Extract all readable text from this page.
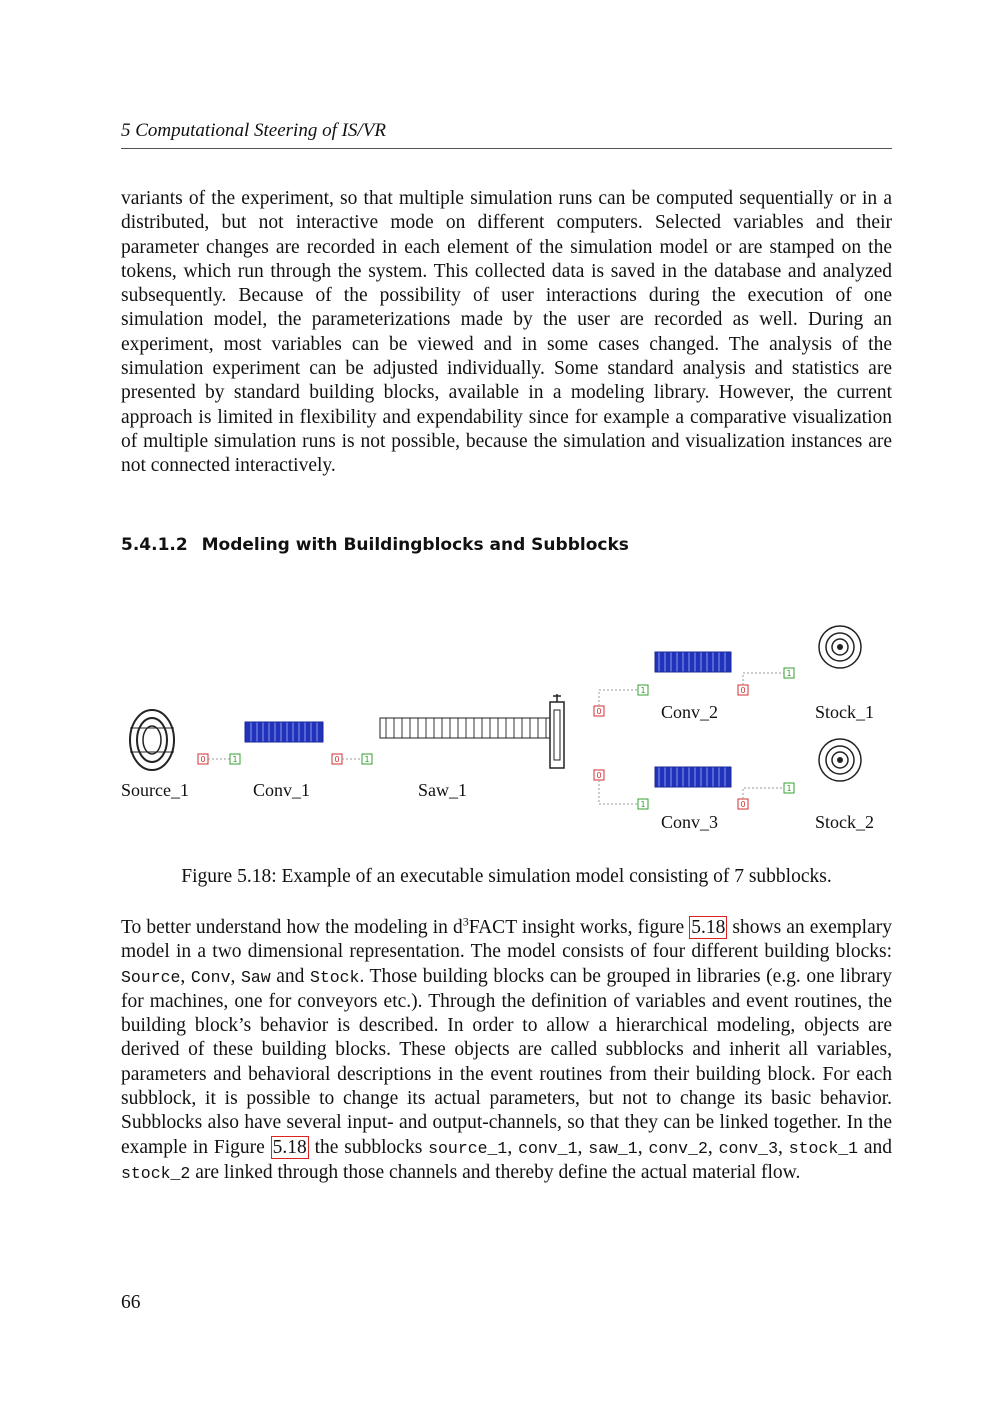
5 Computational Steering of IS/VR

variants of the experiment, so that multiple simulation runs can be computed sequentially or in a distributed, but not interactive mode on different computers. Selected variables and their parameter changes are recorded in each element of the simulation model or are stamped on the tokens, which run through the system. This collected data is saved in the database and analyzed subsequently. Because of the possibility of user interactions during the execution of one simulation model, the parameterizations made by the user are recorded as well. During an experiment, most variables can be viewed and in some cases changed. The analysis of the simulation experiment can be adjusted individually. Some standard analysis and statistics are presented by standard building blocks, available in a modeling library. However, the current approach is limited in flexibility and expendability since for example a comparative visualization of multiple simulation runs is not possible, because the simulation and visualization instances are not connected interactively.

5.4.1.2 Modeling with Buildingblocks and Subblocks
0	1
Source_1
0	1
Conv_1	Saw_1
0
1	0
1
Conv_2	Stock_1
0
1	0
1
Conv_3	Stock_2
Figure 5.18: Example of an executable simulation model consisting of 7 subblocks.

To better understand how the modeling in $d^3FACT$ insight works, figure 5.18 shows an exemplary model in a two dimensional representation. The model consists of four different building blocks: Source, Conv, Saw and Stock. Those building blocks can be grouped in libraries (e.g. one library for machines, one for conveyors etc.). Through the definition of variables and event routines, the building block’s behavior is described. In order to allow a hierarchical modeling, objects are derived of these building blocks. These objects are called subblocks and inherit all variables, parameters and behavioral descriptions in the event routines from their building block. For each subblock, it is possible to change its actual parameters, but not to change its basic behavior. Subblocks also have several input- and output-channels, so that they can be linked together. In the example in Figure 5.18 the subblocks source_1, conv_1, saw_1, conv_2, conv_3, stock_1 and stock_2 are linked through those channels and thereby define the actual material flow.

66
